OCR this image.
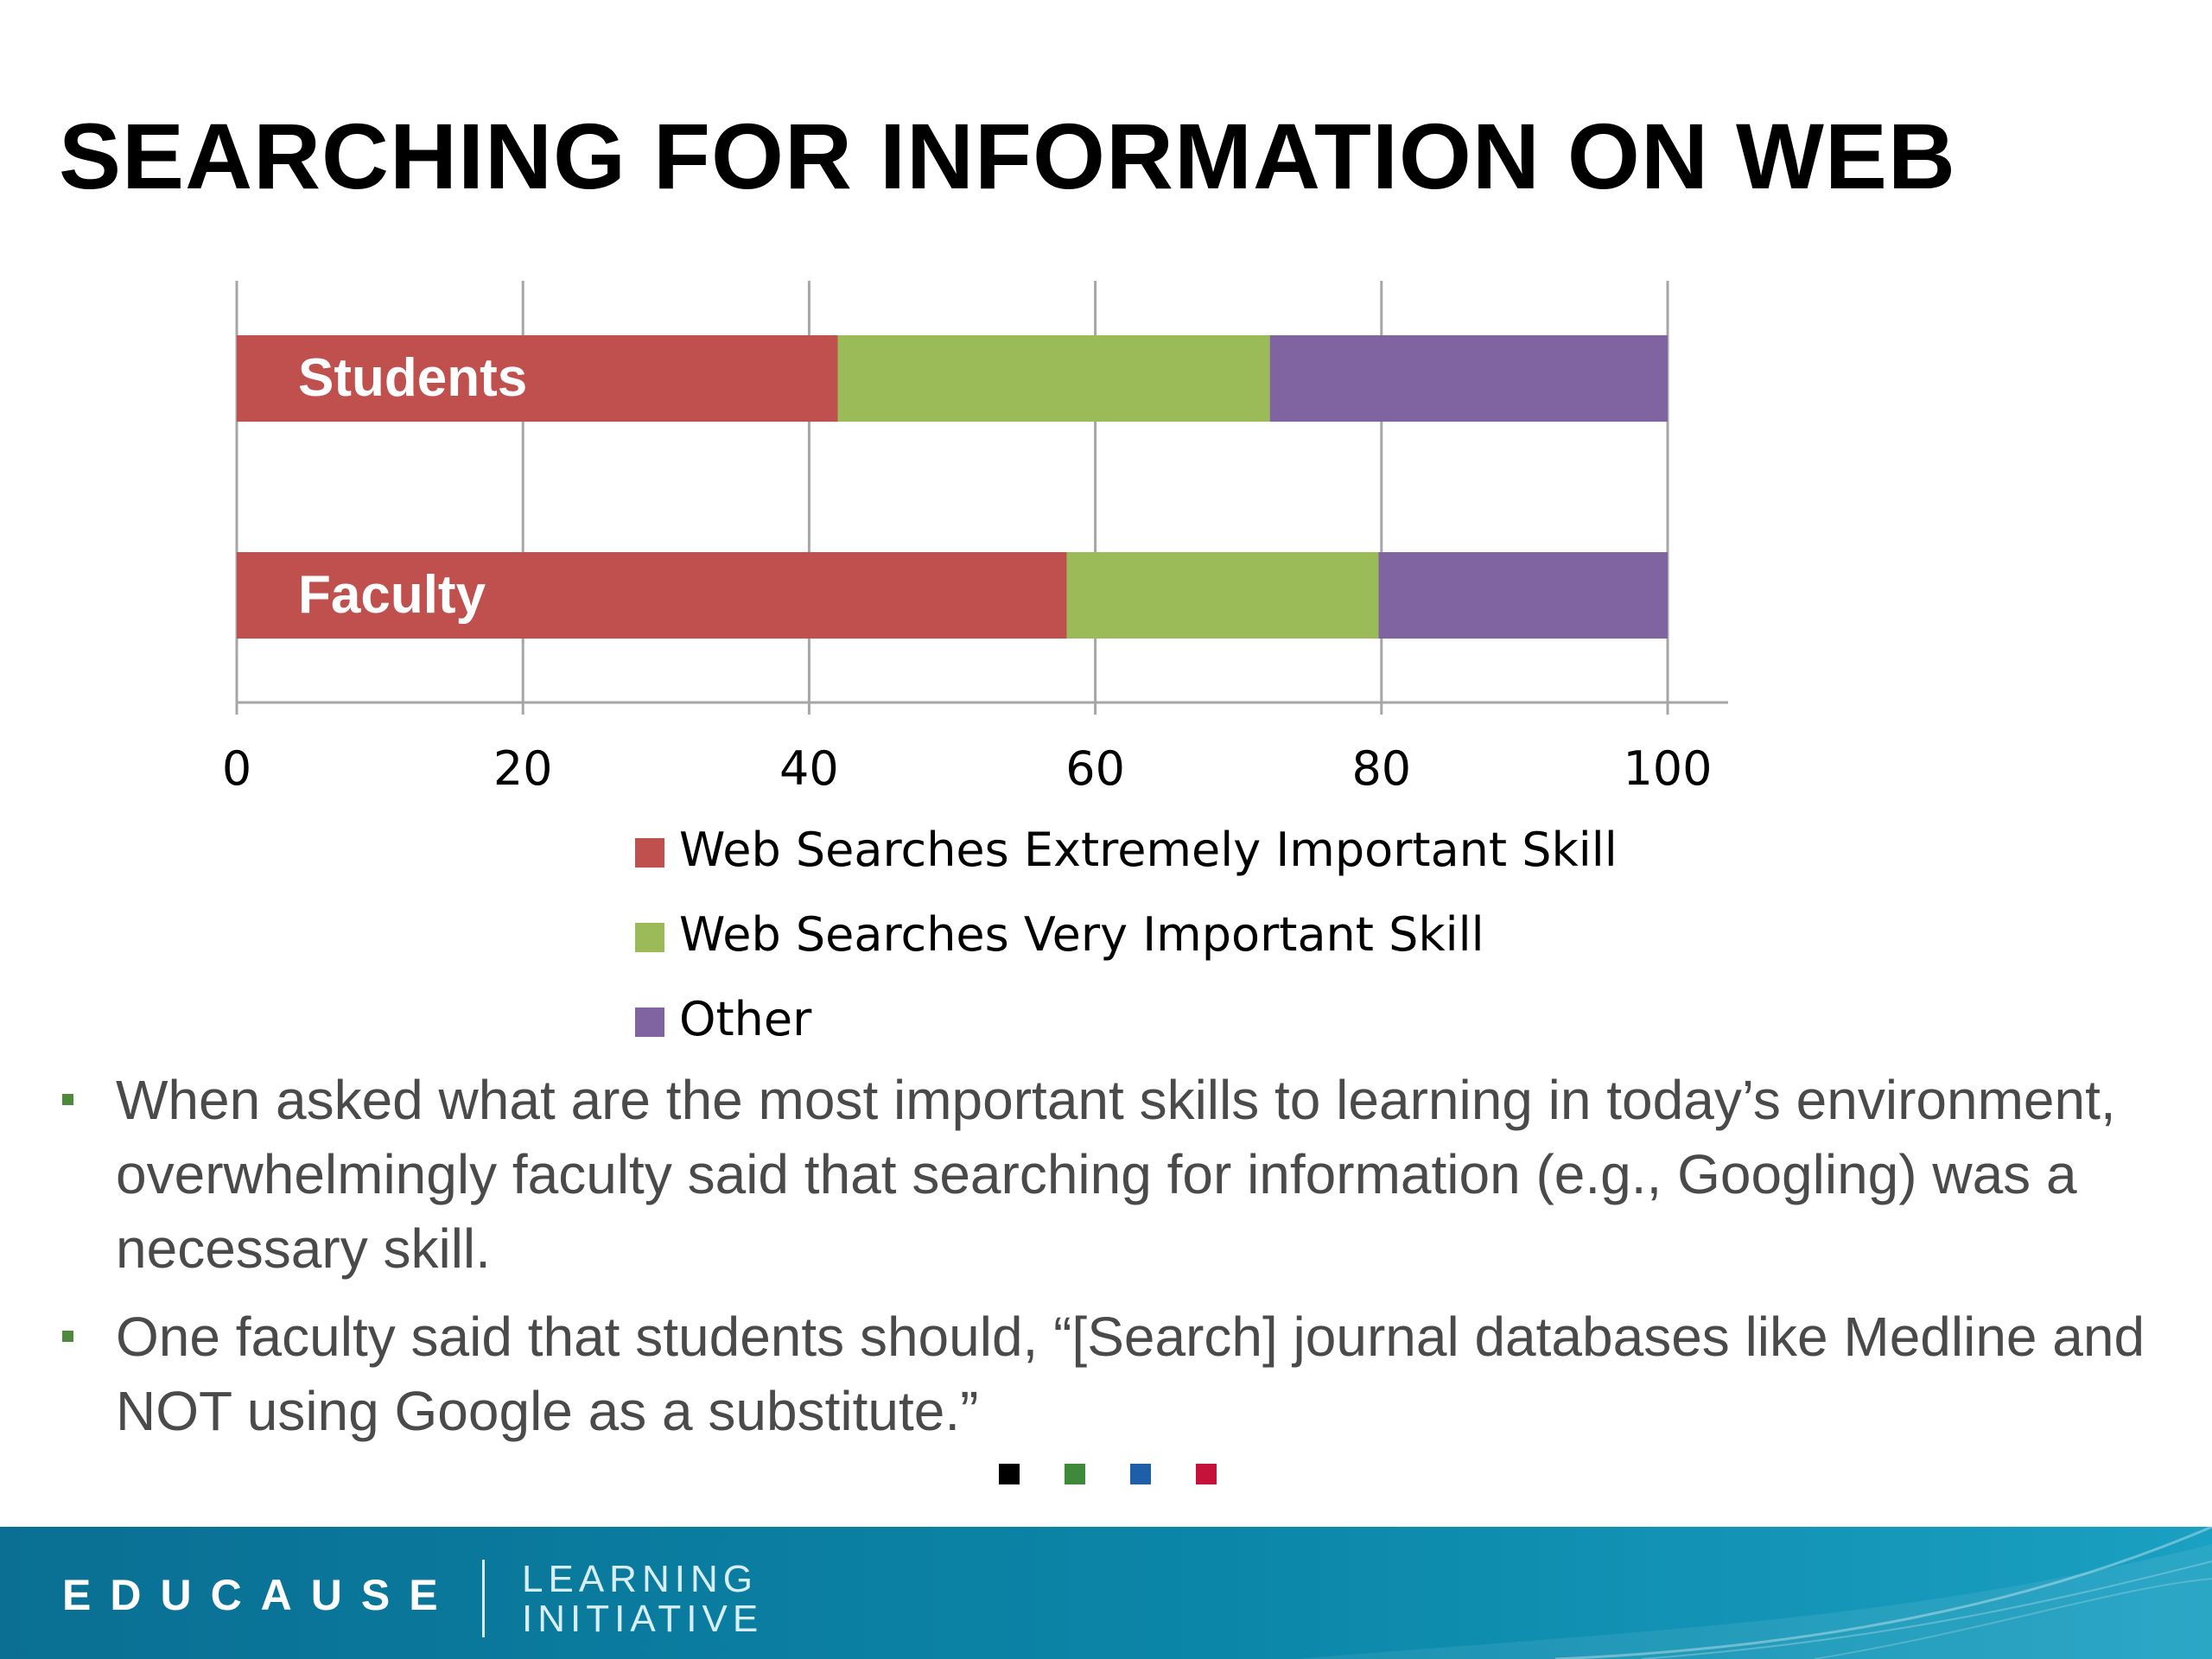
SEARCHING FOR INFORMATION ON WEB
Students
Faculty
0	20	40	60	80	100
Web Searches Extremely Important Skill
Web Searches Very Important Skill
Other
When asked what are the most important skills to learning in today’s environment, overwhelmingly faculty said that searching for information (e.g., Googling) was a necessary skill.
One faculty said that students should, “[Search] journal databases like Medline and NOT using Google as a substitute.”
EDUCAUSE LEARNING
INITIATIVE
